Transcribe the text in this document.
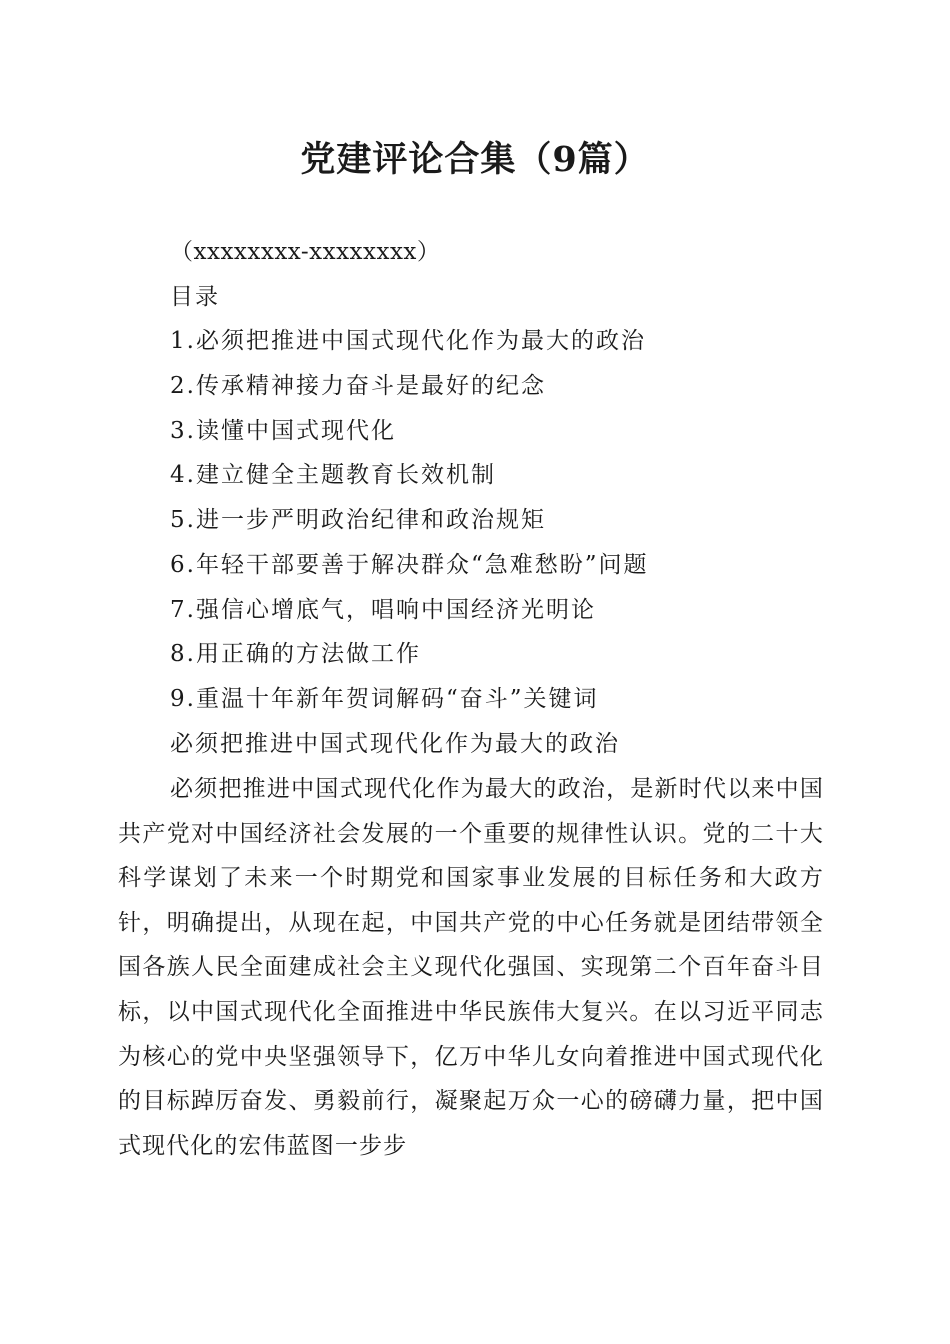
党建评论合集（9篇）
（xxxxxxxx-xxxxxxxx）
目录
1.必须把推进中国式现代化作为最大的政治
2.传承精神接力奋斗是最好的纪念
3.读懂中国式现代化
4.建立健全主题教育长效机制
5.进一步严明政治纪律和政治规矩
6.年轻干部要善于解决群众“急难愁盼”问题
7.强信心增底气，唱响中国经济光明论
8.用正确的方法做工作
9.重温十年新年贺词解码“奋斗”关键词
必须把推进中国式现代化作为最大的政治

必须把推进中国式现代化作为最大的政治，是新时代以来中国共产党对中国经济社会发展的一个重要的规律性认识。党的二十大科学谋划了未来一个时期党和国家事业发展的目标任务和大政方针，明确提出，从现在起，中国共产党的中心任务就是团结带领全国各族人民全面建成社会主义现代化强国、实现第二个百年奋斗目标，以中国式现代化全面推进中华民族伟大复兴。在以习近平同志为核心的党中央坚强领导下，亿万中华儿女向着推进中国式现代化的目标踔厉奋发、勇毅前行，凝聚起万众一心的磅礴力量，把中国式现代化的宏伟蓝图一步步
